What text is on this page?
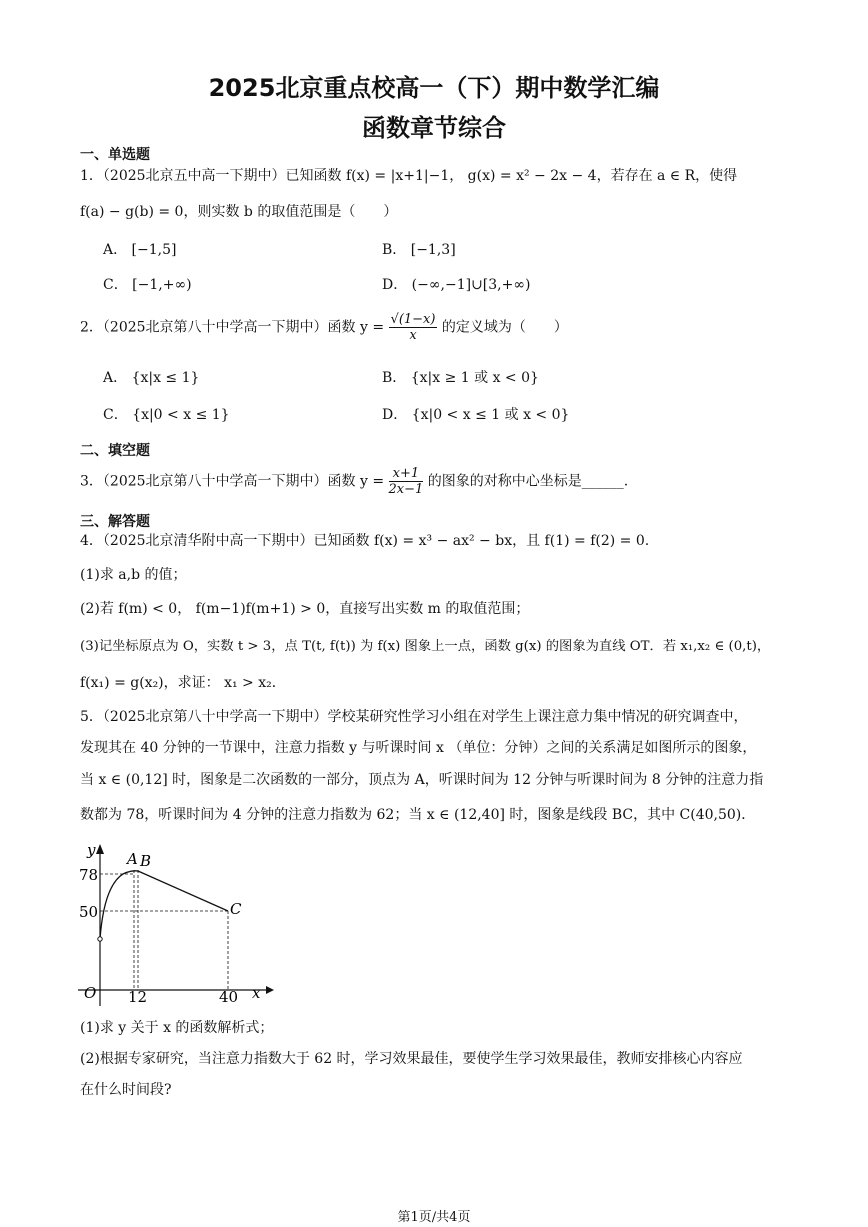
2025北京重点校高一（下）期中数学汇编
函数章节综合
一、单选题
1．（2025北京五中高一下期中）已知函数 f(x) = |x+1|−1， g(x) = x² − 2x − 4，若存在 a ∈ R，使得
f(a) − g(b) = 0，则实数 b 的取值范围是（　　）
A． [−1,5]	B． [−1,3]
C． [−1,+∞)	D． (−∞,−1]∪[3,+∞)
2．（2025北京第八十中学高一下期中）函数 $y = \frac{√(1-x)}{x}$ 的定义域为（　　）
A． {x|x ≤ 1}	B． {x|x ≥ 1 或 x < 0}
C． {x|0 < x ≤ 1}	D． {x|0 < x ≤ 1 或 x < 0}
二、填空题
3．（2025北京第八十中学高一下期中）函数 $y = \frac{x+1}{2x-1}$ 的图象的对称中心坐标是______.
三、解答题
4．（2025北京清华附中高一下期中）已知函数 f(x) = x³ − ax² − bx，且 f(1) = f(2) = 0.
(1)求 a,b 的值；
(2)若 f(m) < 0， f(m−1)f(m+1) > 0，直接写出实数 m 的取值范围；
(3)记坐标原点为 O，实数 t > 3，点 T(t, f(t)) 为 f(x) 图象上一点，函数 g(x) 的图象为直线 OT．若 x₁,x₂ ∈ (0,t)，
f(x₁) = g(x₂)，求证： x₁ > x₂．
5．（2025北京第八十中学高一下期中）学校某研究性学习小组在对学生上课注意力集中情况的研究调查中，
发现其在 40 分钟的一节课中，注意力指数 y 与听课时间 x （单位：分钟）之间的关系满足如图所示的图象，
当 x ∈ (0,12] 时，图象是二次函数的一部分，顶点为 A，听课时间为 12 分钟与听课时间为 8 分钟的注意力指
数都为 78，听课时间为 4 分钟的注意力指数为 62；当 x ∈ (12,40] 时，图象是线段 BC，其中 C(40,50)．
y
x
O
78
50
12	40
A B
C
(1)求 y 关于 x 的函数解析式；
(2)根据专家研究，当注意力指数大于 62 时，学习效果最佳，要使学生学习效果最佳，教师安排核心内容应
在什么时间段?
第1页/共4页
